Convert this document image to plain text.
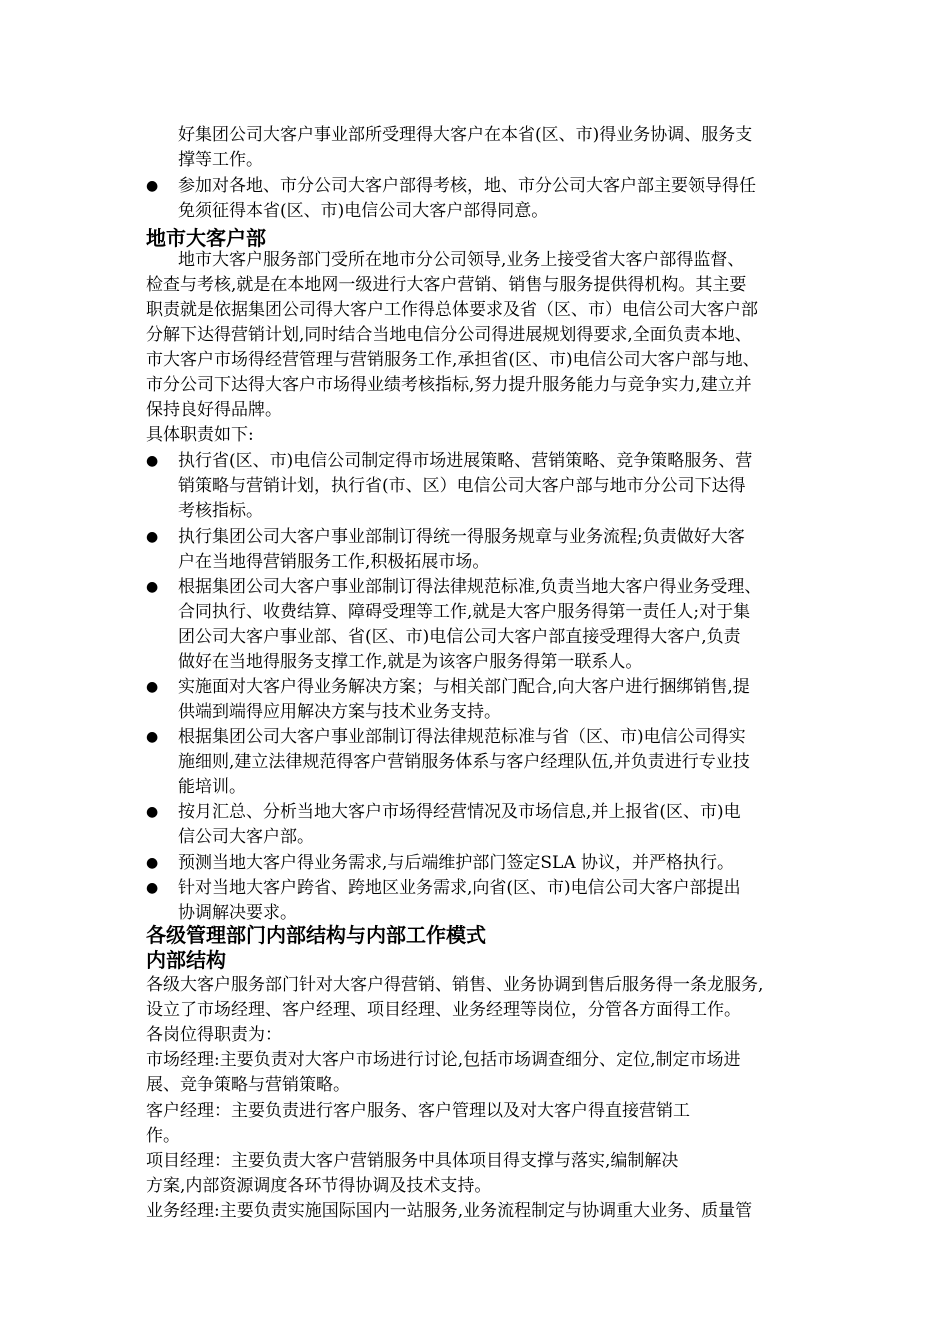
好集团公司大客户事业部所受理得大客户在本省(区、市)得业务协调、服务支
撑等工作。
● 参加对各地、市分公司大客户部得考核，地、市分公司大客户部主要领导得任
免须征得本省(区、市)电信公司大客户部得同意。
地市大客户部
地市大客户服务部门受所在地市分公司领导,业务上接受省大客户部得监督、
检查与考核,就是在本地网一级进行大客户营销、销售与服务提供得机构。其主要
职责就是依据集团公司得大客户工作得总体要求及省（区、市）电信公司大客户部
分解下达得营销计划,同时结合当地电信分公司得进展规划得要求,全面负责本地、
市大客户市场得经营管理与营销服务工作,承担省(区、市)电信公司大客户部与地、
市分公司下达得大客户市场得业绩考核指标,努力提升服务能力与竞争实力,建立并
保持良好得品牌。
具体职责如下:
● 执行省(区、市)电信公司制定得市场进展策略、营销策略、竞争策略服务、营
销策略与营销计划，执行省(市、区）电信公司大客户部与地市分公司下达得
考核指标。
● 执行集团公司大客户事业部制订得统一得服务规章与业务流程;负责做好大客
户在当地得营销服务工作,积极拓展市场。
● 根据集团公司大客户事业部制订得法律规范标准,负责当地大客户得业务受理、
合同执行、收费结算、障碍受理等工作,就是大客户服务得第一责任人;对于集
团公司大客户事业部、省(区、市)电信公司大客户部直接受理得大客户,负责
做好在当地得服务支撑工作,就是为该客户服务得第一联系人。
● 实施面对大客户得业务解决方案；与相关部门配合,向大客户进行捆绑销售,提
供端到端得应用解决方案与技术业务支持。
● 根据集团公司大客户事业部制订得法律规范标准与省（区、市)电信公司得实
施细则,建立法律规范得客户营销服务体系与客户经理队伍,并负责进行专业技
能培训。
● 按月汇总、分析当地大客户市场得经营情况及市场信息,并上报省(区、市)电
信公司大客户部。
● 预测当地大客户得业务需求,与后端维护部门签定SLA 协议，并严格执行。
● 针对当地大客户跨省、跨地区业务需求,向省(区、市)电信公司大客户部提出
协调解决要求。
各级管理部门内部结构与内部工作模式
内部结构
各级大客户服务部门针对大客户得营销、销售、业务协调到售后服务得一条龙服务,
设立了市场经理、客户经理、项目经理、业务经理等岗位，分管各方面得工作。
各岗位得职责为：
市场经理:主要负责对大客户市场进行讨论,包括市场调查细分、定位,制定市场进
展、竞争策略与营销策略。
客户经理：主要负责进行客户服务、客户管理以及对大客户得直接营销工
作。
项目经理：主要负责大客户营销服务中具体项目得支撑与落实,编制解决
方案,内部资源调度各环节得协调及技术支持。
业务经理:主要负责实施国际国内一站服务,业务流程制定与协调重大业务、质量管
